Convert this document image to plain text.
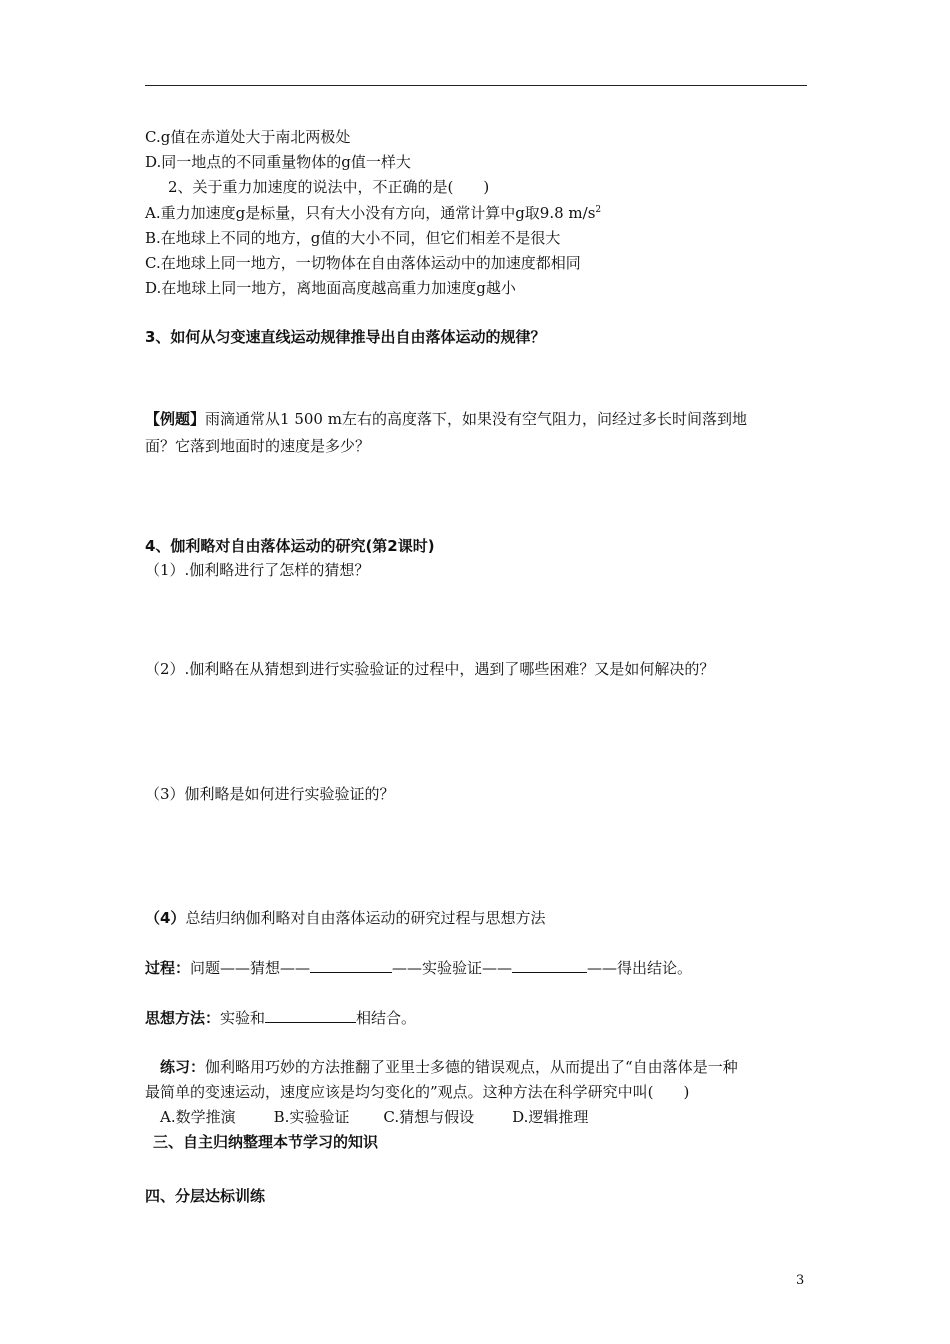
C.g值在赤道处大于南北两极处
D.同一地点的不同重量物体的g值一样大
2、关于重力加速度的说法中，不正确的是(　　)
A.重力加速度g是标量，只有大小没有方向，通常计算中g取9.8 $m/s^2$
B.在地球上不同的地方，g值的大小不同，但它们相差不是很大
C.在地球上同一地方，一切物体在自由落体运动中的加速度都相同
D.在地球上同一地方，离地面高度越高重力加速度g越小
3、如何从匀变速直线运动规律推导出自由落体运动的规律？
【例题】雨滴通常从1 500 m左右的高度落下，如果没有空气阻力，问经过多长时间落到地
面？它落到地面时的速度是多少？
4、伽利略对自由落体运动的研究(第2课时)
（1）.伽利略进行了怎样的猜想？
（2）.伽利略在从猜想到进行实验验证的过程中，遇到了哪些困难？又是如何解决的？
（3）伽利略是如何进行实验验证的？
（4）总结归纳伽利略对自由落体运动的研究过程与思想方法
过程：问题——猜想——	——实验验证——	——得出结论。
思想方法：实验和	相结合。
练习：伽利略用巧妙的方法推翻了亚里士多德的错误观点，从而提出了“自由落体是一种
最简单的变速运动，速度应该是均匀变化的”观点。这种方法在科学研究中叫(　　)
A.数学推演	B.实验验证 C.猜想与假设	D.逻辑推理
三、自主归纳整理本节学习的知识
四、分层达标训练
3
